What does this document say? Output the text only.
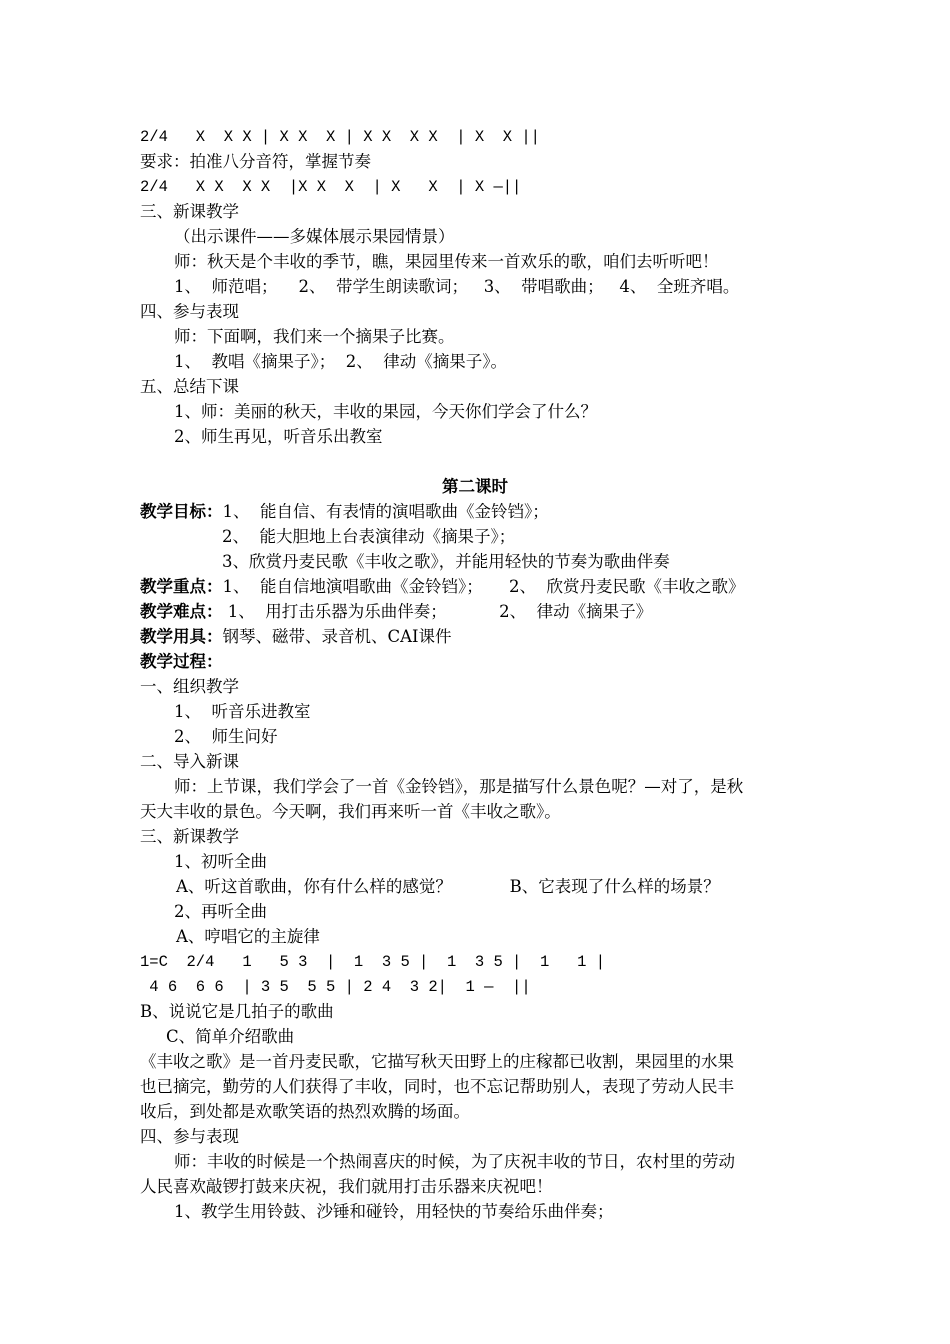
2/4   X  X X | X X  X | X X  X X  | X  X ||
要求：拍准八分音符，掌握节奏
2/4   X X  X X  |X X  X  | X   X  | X —||
三、新课教学
（出示课件——多媒体展示果园情景）
师：秋天是个丰收的季节，瞧，果园里传来一首欢乐的歌，咱们去听听吧！
1、  师范唱；    2、  带学生朗读歌词；   3、  带唱歌曲；   4、  全班齐唱。
四、参与表现
师：下面啊，我们来一个摘果子比赛。
1、  教唱《摘果子》；  2、  律动《摘果子》。
五、总结下课
1、师：美丽的秋天，丰收的果园，今天你们学会了什么？
2、师生再见，听音乐出教室
第二课时
教学目标：1、  能自信、有表情的演唱歌曲《金铃铛》；
2、  能大胆地上台表演律动《摘果子》；
3、欣赏丹麦民歌《丰收之歌》，并能用轻快的节奏为歌曲伴奏
教学重点：1、  能自信地演唱歌曲《金铃铛》；     2、  欣赏丹麦民歌《丰收之歌》
教学难点： 1、  用打击乐器为乐曲伴奏；          2、  律动《摘果子》
教学用具：钢琴、磁带、录音机、CAI课件
教学过程：
一、组织教学
1、  听音乐进教室
2、  师生问好
二、导入新课
师：上节课，我们学会了一首《金铃铛》，那是描写什么景色呢？—对了，是秋
天大丰收的景色。今天啊，我们再来听一首《丰收之歌》。
三、新课教学
1、初听全曲
A、听这首歌曲，你有什么样的感觉？           B、它表现了什么样的场景？
2、再听全曲
A、哼唱它的主旋律
1=C  2/4   1   5 3  |  1  3 5 |  1  3 5 |  1   1 |
4 6  6 6  | 3 5  5 5 | 2 4  3 2|  1 —  ||
B、说说它是几拍子的歌曲
C、简单介绍歌曲
《丰收之歌》是一首丹麦民歌，它描写秋天田野上的庄稼都已收割，果园里的水果
也已摘完，勤劳的人们获得了丰收，同时，也不忘记帮助别人，表现了劳动人民丰
收后，到处都是欢歌笑语的热烈欢腾的场面。
四、参与表现
师：丰收的时候是一个热闹喜庆的时候，为了庆祝丰收的节日，农村里的劳动
人民喜欢敲锣打鼓来庆祝，我们就用打击乐器来庆祝吧！
1、教学生用铃鼓、沙锤和碰铃，用轻快的节奏给乐曲伴奏；
